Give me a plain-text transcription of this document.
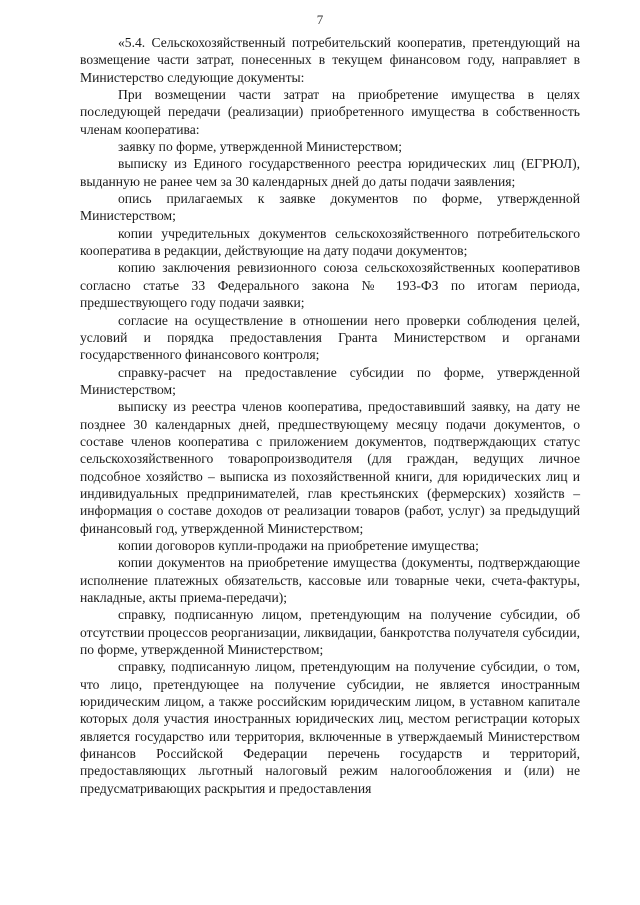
7

«5.4. Сельскохозяйственный потребительский кооператив, претендующий на возмещение части затрат, понесенных в текущем финансовом году, направляет в Министерство следующие документы:

При возмещении части затрат на приобретение имущества в целях последующей передачи (реализации) приобретенного имущества в собственность членам кооператива:

заявку по форме, утвержденной Министерством;

выписку из Единого государственного реестра юридических лиц (ЕГРЮЛ), выданную не ранее чем за 30 календарных дней до даты подачи заявления;

опись прилагаемых к заявке документов по форме, утвержденной Министерством;

копии учредительных документов сельскохозяйственного потребительского кооператива в редакции, действующие на дату подачи документов;

копию заключения ревизионного союза сельскохозяйственных кооперативов согласно статье 33 Федерального закона № 193-ФЗ по итогам периода, предшествующего году подачи заявки;

согласие на осуществление в отношении него проверки соблюдения целей, условий и порядка предоставления Гранта Министерством и органами государственного финансового контроля;

справку-расчет на предоставление субсидии по форме, утвержденной Министерством;

выписку из реестра членов кооператива, предоставивший заявку, на дату не позднее 30 календарных дней, предшествующему месяцу подачи документов, о составе членов кооператива с приложением документов, подтверждающих статус сельскохозяйственного товаропроизводителя (для граждан, ведущих личное подсобное хозяйство – выписка из похозяйственной книги, для юридических лиц и индивидуальных предпринимателей, глав крестьянских (фермерских) хозяйств – информация о составе доходов от реализации товаров (работ, услуг) за предыдущий финансовый год, утвержденной Министерством;

копии договоров купли-продажи на приобретение имущества;

копии документов на приобретение имущества (документы, подтверждающие исполнение платежных обязательств, кассовые или товарные чеки, счета-фактуры, накладные, акты приема-передачи);

справку, подписанную лицом, претендующим на получение субсидии, об отсутствии процессов реорганизации, ликвидации, банкротства получателя субсидии, по форме, утвержденной Министерством;

справку, подписанную лицом, претендующим на получение субсидии, о том, что лицо, претендующее на получение субсидии, не является иностранным юридическим лицом, а также российским юридическим лицом, в уставном капитале которых доля участия иностранных юридических лиц, местом регистрации которых является государство или территория, включенные в утверждаемый Министерством финансов Российской Федерации перечень государств и территорий, предоставляющих льготный налоговый режим налогообложения и (или) не предусматривающих раскрытия и предоставления
